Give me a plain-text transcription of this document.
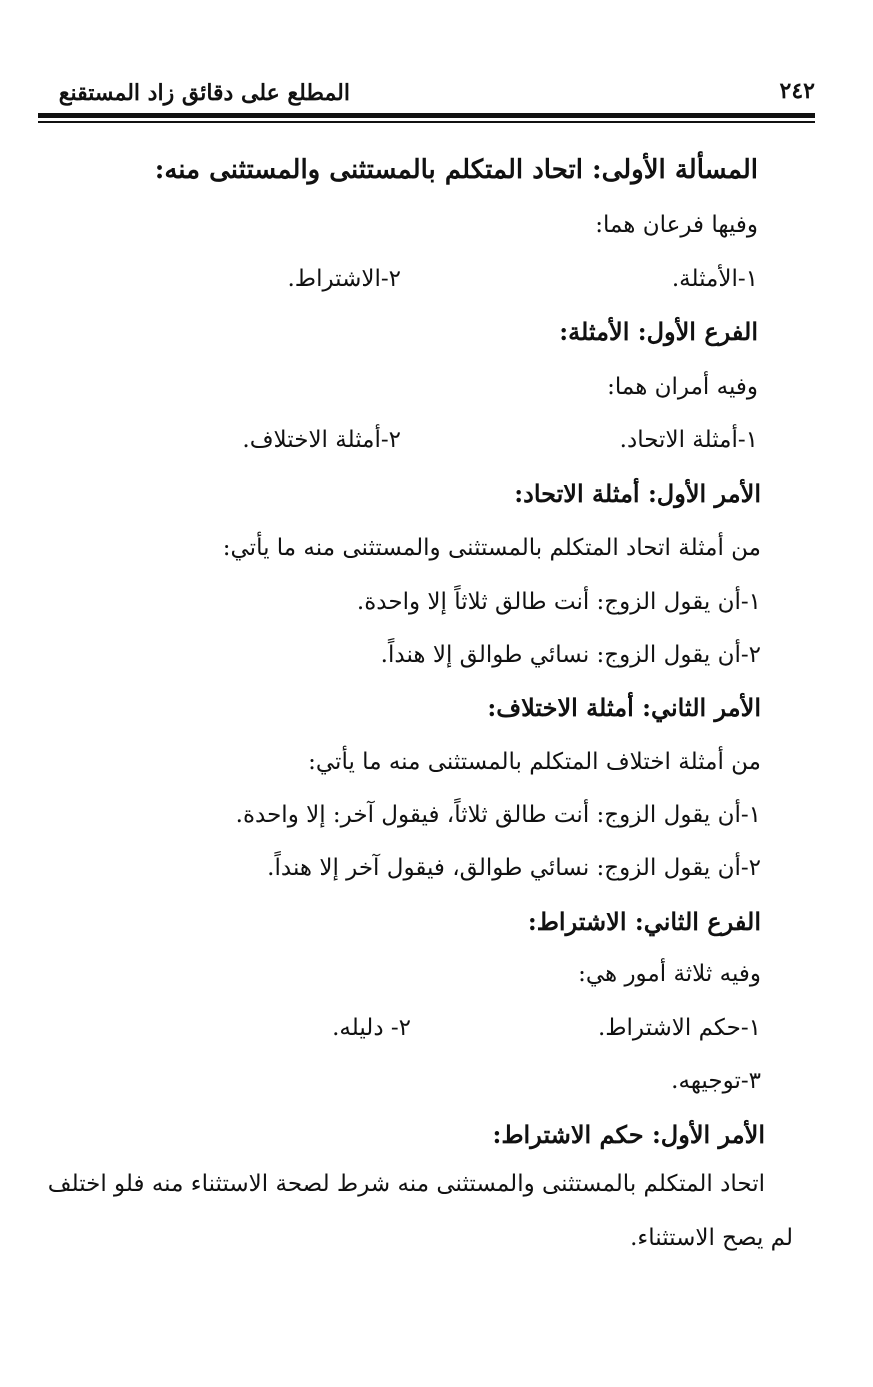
٢٤٢
المطلع على دقائق زاد المستقنع
المسألة الأولى: اتحاد المتكلم بالمستثنى والمستثنى منه:
وفيها فرعان هما:
١-الأمثلة.
٢-الاشتراط.
الفرع الأول: الأمثلة:
وفيه أمران هما:
١-أمثلة الاتحاد.
٢-أمثلة الاختلاف.
الأمر الأول: أمثلة الاتحاد:
من أمثلة اتحاد المتكلم بالمستثنى والمستثنى منه ما يأتي:
١-أن يقول الزوج: أنت طالق ثلاثاً إلا واحدة.
٢-أن يقول الزوج: نسائي طوالق إلا هنداً.
الأمر الثاني: أمثلة الاختلاف:
من أمثلة اختلاف المتكلم بالمستثنى منه ما يأتي:
١-أن يقول الزوج: أنت طالق ثلاثاً، فيقول آخر: إلا واحدة.
٢-أن يقول الزوج: نسائي طوالق، فيقول آخر إلا هنداً.
الفرع الثاني: الاشتراط:
وفيه ثلاثة أمور هي:
١-حكم الاشتراط.
٢- دليله.
٣-توجيهه.
الأمر الأول: حكم الاشتراط:
اتحاد المتكلم بالمستثنى والمستثنى منه شرط لصحة الاستثناء منه فلو اختلف
لم يصح الاستثناء.
